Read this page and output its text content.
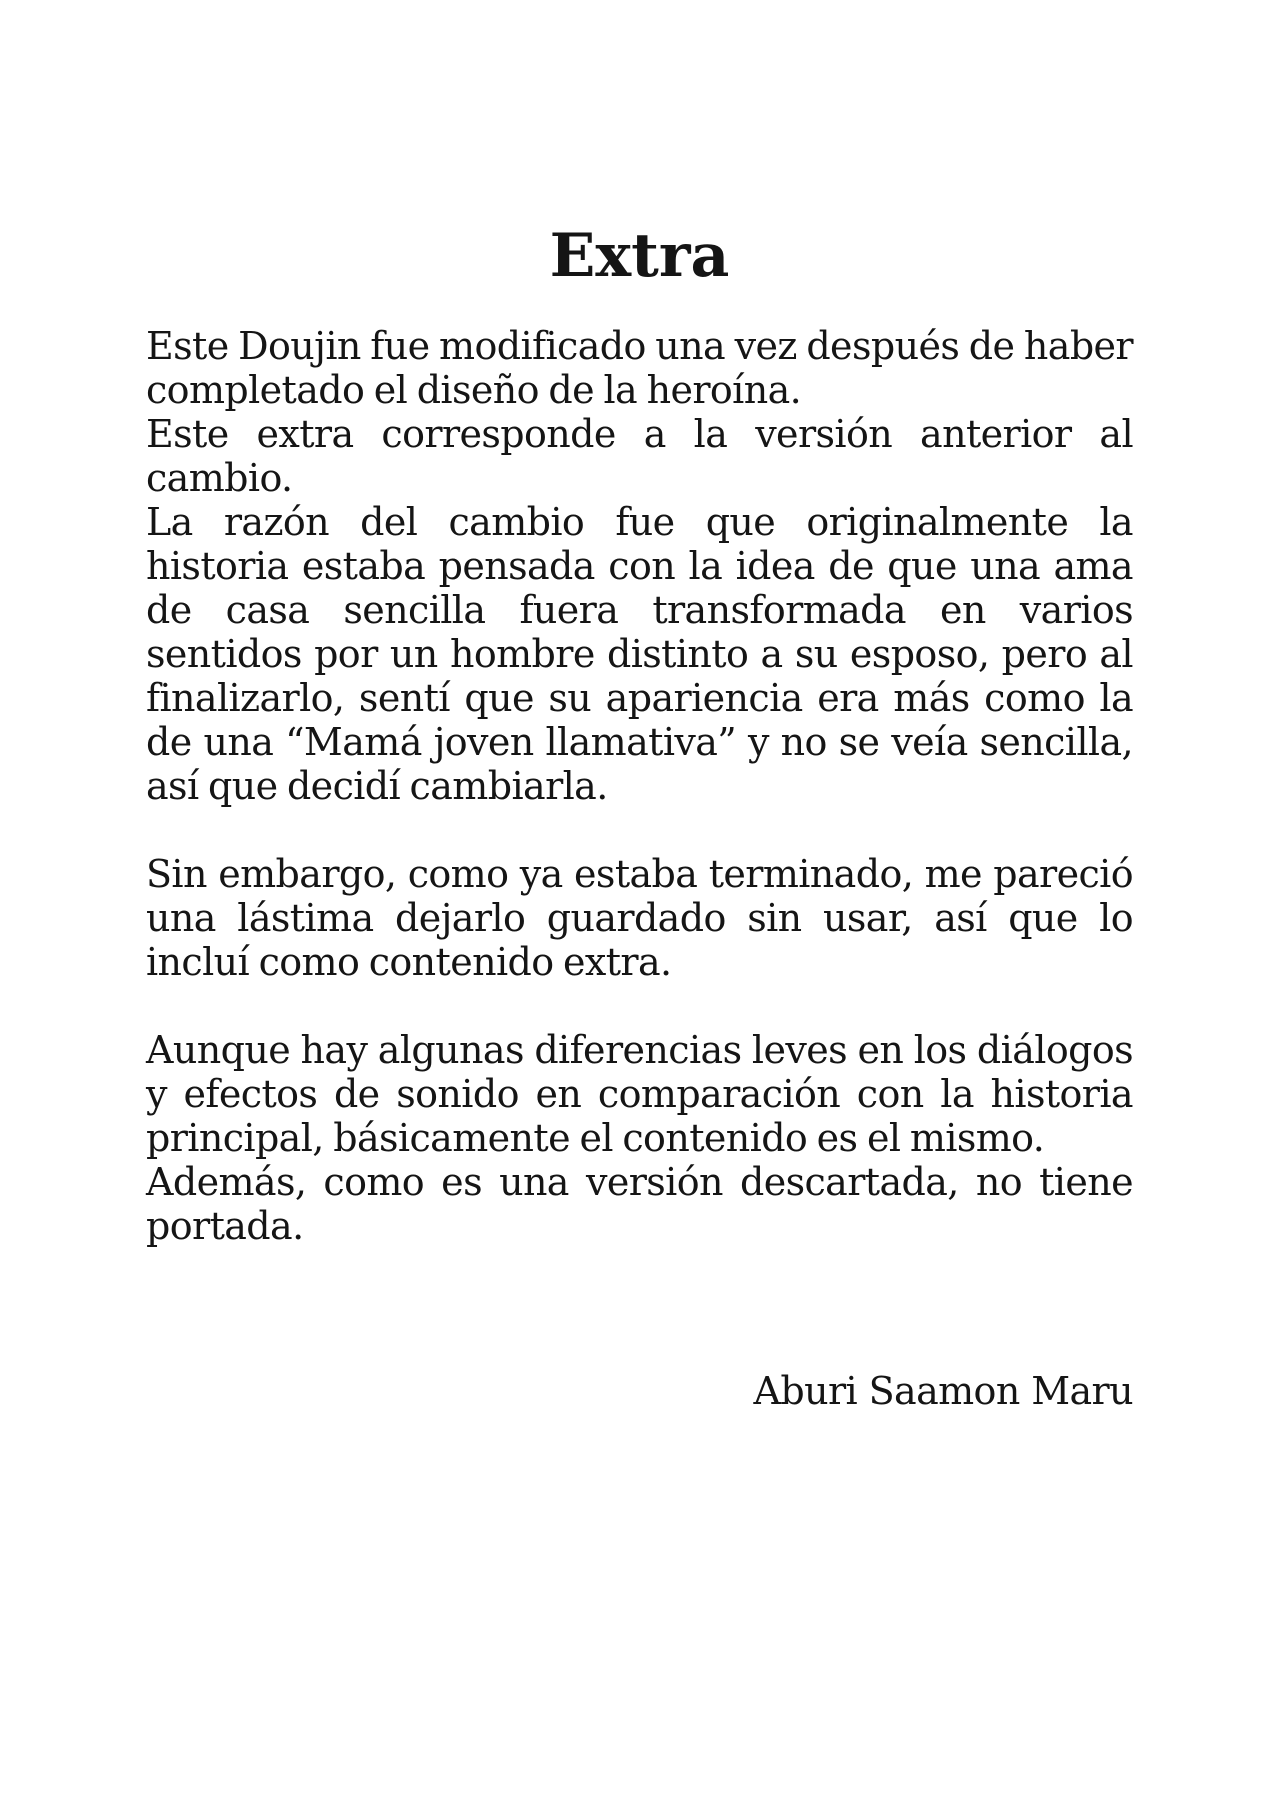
Extra

Este Doujin fue modificado una vez después de haber completado el diseño de la heroína.

Este extra corresponde a la versión anterior al cambio.

La razón del cambio fue que originalmente la historia estaba pensada con la idea de que una ama de casa sencilla fuera transformada en varios sentidos por un hombre distinto a su esposo, pero al finalizarlo, sentí que su apariencia era más como la de una “Mamá joven llamativa” y no se veía sencilla, así que decidí cambiarla.

Sin embargo, como ya estaba terminado, me pareció una lástima dejarlo guardado sin usar, así que lo incluí como contenido extra.

Aunque hay algunas diferencias leves en los diálogos y efectos de sonido en comparación con la historia principal, básicamente el contenido es el mismo.

Además, como es una versión descartada, no tiene portada.

Aburi Saamon Maru
